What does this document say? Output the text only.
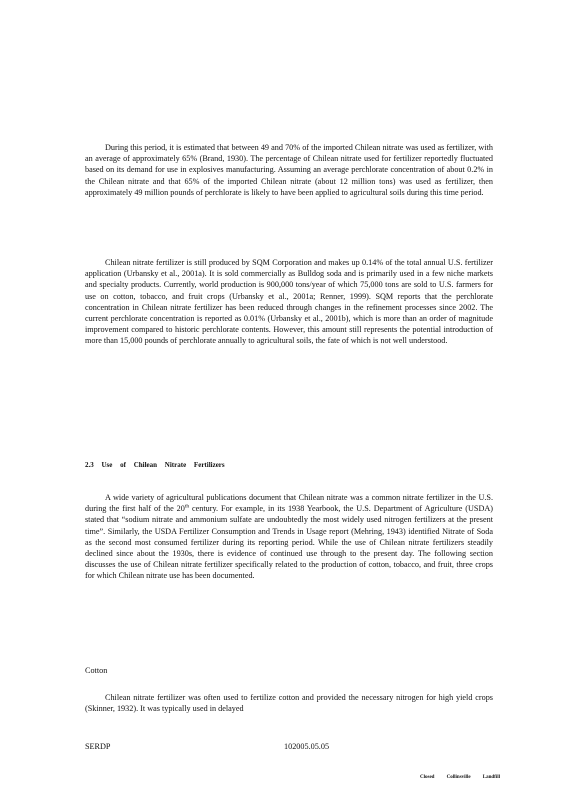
During this period, it is estimated that between 49 and 70% of the imported Chilean nitrate was used as fertilizer, with an average of approximately 65% (Brand, 1930). The percentage of Chilean nitrate used for fertilizer reportedly fluctuated based on its demand for use in explosives manufacturing. Assuming an average perchlorate concentration of about 0.2% in the Chilean nitrate and that 65% of the imported Chilean nitrate (about 12 million tons) was used as fertilizer, then approximately 49 million pounds of perchlorate is likely to have been applied to agricultural soils during this time period.

Chilean nitrate fertilizer is still produced by SQM Corporation and makes up 0.14% of the total annual U.S. fertilizer application (Urbansky et al., 2001a). It is sold commercially as Bulldog soda and is primarily used in a few niche markets and specialty products. Currently, world production is 900,000 tons/year of which 75,000 tons are sold to U.S. farmers for use on cotton, tobacco, and fruit crops (Urbansky et al., 2001a; Renner, 1999). SQM reports that the perchlorate concentration in Chilean nitrate fertilizer has been reduced through changes in the refinement processes since 2002. The current perchlorate concentration is reported as 0.01% (Urbansky et al., 2001b), which is more than an order of magnitude improvement compared to historic perchlorate contents. However, this amount still represents the potential introduction of more than 15,000 pounds of perchlorate annually to agricultural soils, the fate of which is not well understood.

2.3 Use of Chilean Nitrate Fertilizers

A wide variety of agricultural publications document that Chilean nitrate was a common nitrate fertilizer in the U.S. during the first half of the 20th century. For example, in its 1938 Yearbook, the U.S. Department of Agriculture (USDA) stated that “sodium nitrate and ammonium sulfate are undoubtedly the most widely used nitrogen fertilizers at the present time”. Similarly, the USDA Fertilizer Consumption and Trends in Usage report (Mehring, 1943) identified Nitrate of Soda as the second most consumed fertilizer during its reporting period. While the use of Chilean nitrate fertilizers steadily declined since about the 1930s, there is evidence of continued use through to the present day. The following section discusses the use of Chilean nitrate fertilizer specifically related to the production of cotton, tobacco, and fruit, three crops for which Chilean nitrate use has been documented.

Cotton

Chilean nitrate fertilizer was often used to fertilize cotton and provided the necessary nitrogen for high yield crops (Skinner, 1932). It was typically used in delayed

SERDP	102005.05.05

Closed Collinsville Landfill
